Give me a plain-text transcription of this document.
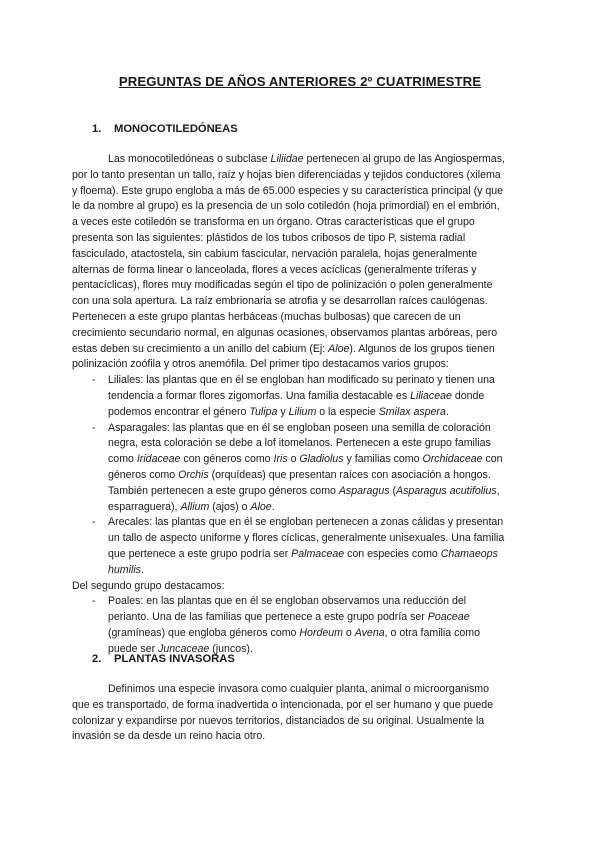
PREGUNTAS DE AÑOS ANTERIORES 2º CUATRIMESTRE
1. MONOCOTILEDÓNEAS
Las monocotiledóneas o subclase Liliidae pertenecen al grupo de las Angiospermas,
por lo tanto presentan un tallo, raíz y hojas bien diferenciadas y tejidos conductores (xilema
y floema). Este grupo engloba a más de 65.000 especies y su característica principal (y que
le da nombre al grupo) es la presencia de un solo cotiledón (hoja primordial) en el embrión,
a veces este cotiledón se transforma en un órgano. Otras características que el grupo
presenta son las siguientes: plástidos de los tubos cribosos de tipo P, sistema radial
fasciculado, atactostela, sin cabium fascicular, nervación paralela, hojas generalmente
alternas de forma linear o lanceolada, flores a veces acíclicas (generalmente tríferas y
pentacíclicas), flores muy modificadas según el tipo de polinización o polen generalmente
con una sola apertura. La raíz embrionaria se atrofia y se desarrollan raíces caulógenas.
Pertenecen a este grupo plantas herbáceas (muchas bulbosas) que carecen de un
crecimiento secundario normal, en algunas ocasiones, observamos plantas arbóreas, pero
estas deben su crecimiento a un anillo del cabium (Ej: Aloe). Algunos de los grupos tienen
polinización zoófila y otros anemófila. Del primer tipo destacamos varios grupos:
- Liliales: las plantas que en él se engloban han modificado su perinato y tienen una
tendencia a formar flores zigomorfas. Una familia destacable es Liliaceae donde
podemos encontrar el género Tulipa y Lilium o la especie Smilax aspera.
- Asparagales: las plantas que en él se engloban poseen una semilla de coloración
negra, esta coloración se debe a lof itomelanos. Pertenecen a este grupo familias
como Iridaceae con géneros como Iris o Gladiolus y familias como Orchidaceae con
géneros como Orchis (orquídeas) que presentan raíces con asociación a hongos.
También pertenecen a este grupo géneros como Asparagus (Asparagus acutifolius,
esparraguera), Allium (ajos) o Aloe.
- Arecales: las plantas que en él se engloban pertenecen a zonas cálidas y presentan
un tallo de aspecto uniforme y flores cíclicas, generalmente unisexuales. Una familia
que pertenece a este grupo podría ser Palmaceae con especies como Chamaeops
humilis.
Del segundo grupo destacamos:
- Poales: en las plantas que en él se engloban observamos una reducción del
perianto. Una de las familias que pertenece a este grupo podría ser Poaceae
(gramíneas) que engloba géneros como Hordeum o Avena, o otra familia como
puede ser Juncaceae (juncos).
2. PLANTAS INVASORAS
Definimos una especie invasora como cualquier planta, animal o microorganismo
que es transportado, de forma inadvertida o intencionada, por el ser humano y que puede
colonizar y expandirse por nuevos territorios, distanciados de su original. Usualmente la
invasión se da desde un reino hacia otro.
